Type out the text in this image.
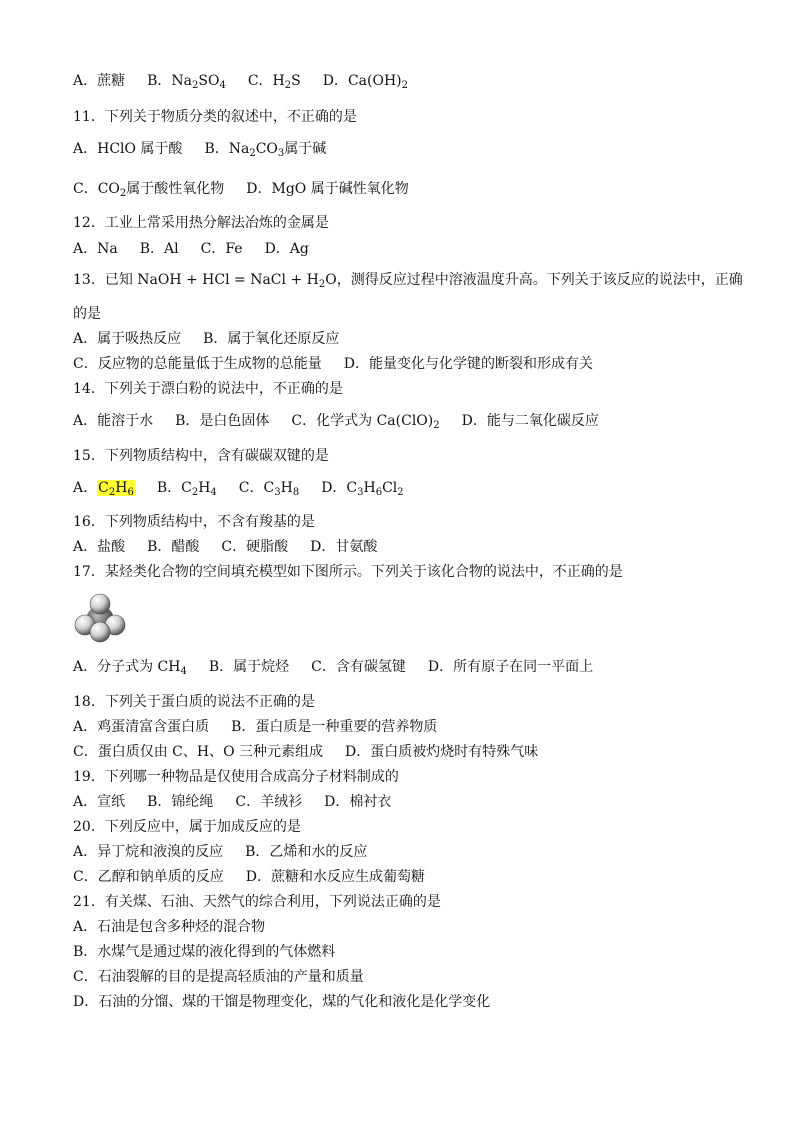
A．蔗糖 B．$Na_2SO_4$ C．$H_2S$ D．$Ca(OH)_2$
11．下列关于物质分类的叙述中，不正确的是
A．HClO 属于酸 B．$Na_2CO_3$属于碱
C．$CO_2$属于酸性氧化物 D．MgO 属于碱性氧化物
12．工业上常采用热分解法冶炼的金属是
A．Na B．Al C．Fe D．Ag
13．已知 NaOH + HCl = NaCl + $H_2O$，测得反应过程中溶液温度升高。下列关于该反应的说法中，正确
的是
A．属于吸热反应 B．属于氧化还原反应
C．反应物的总能量低于生成物的总能量 D．能量变化与化学键的断裂和形成有关
14．下列关于漂白粉的说法中，不正确的是
A．能溶于水 B．是白色固体 C．化学式为 $Ca(ClO)_2$ D．能与二氧化碳反应
15．下列物质结构中，含有碳碳双键的是
A．$C_2H_6$ B．$C_2H_4$ C．$C_3H_8$ D．$C_3H_6Cl_2$
16．下列物质结构中，不含有羧基的是
A．盐酸 B．醋酸 C．硬脂酸 D．甘氨酸
17．某烃类化合物的空间填充模型如下图所示。下列关于该化合物的说法中，不正确的是
A．分子式为 $CH_4$ B．属于烷烃 C．含有碳氢键 D．所有原子在同一平面上
18．下列关于蛋白质的说法不正确的是
A．鸡蛋清富含蛋白质 B．蛋白质是一种重要的营养物质
C．蛋白质仅由 C、H、O 三种元素组成 D．蛋白质被灼烧时有特殊气味
19．下列哪一种物品是仅使用合成高分子材料制成的
A．宣纸 B．锦纶绳 C．羊绒衫 D．棉衬衣
20．下列反应中，属于加成反应的是
A．异丁烷和液溴的反应 B．乙烯和水的反应
C．乙醇和钠单质的反应 D．蔗糖和水反应生成葡萄糖
21．有关煤、石油、天然气的综合利用，下列说法正确的是
A．石油是包含多种烃的混合物
B．水煤气是通过煤的液化得到的气体燃料
C．石油裂解的目的是提高轻质油的产量和质量
D．石油的分馏、煤的干馏是物理变化，煤的气化和液化是化学变化
